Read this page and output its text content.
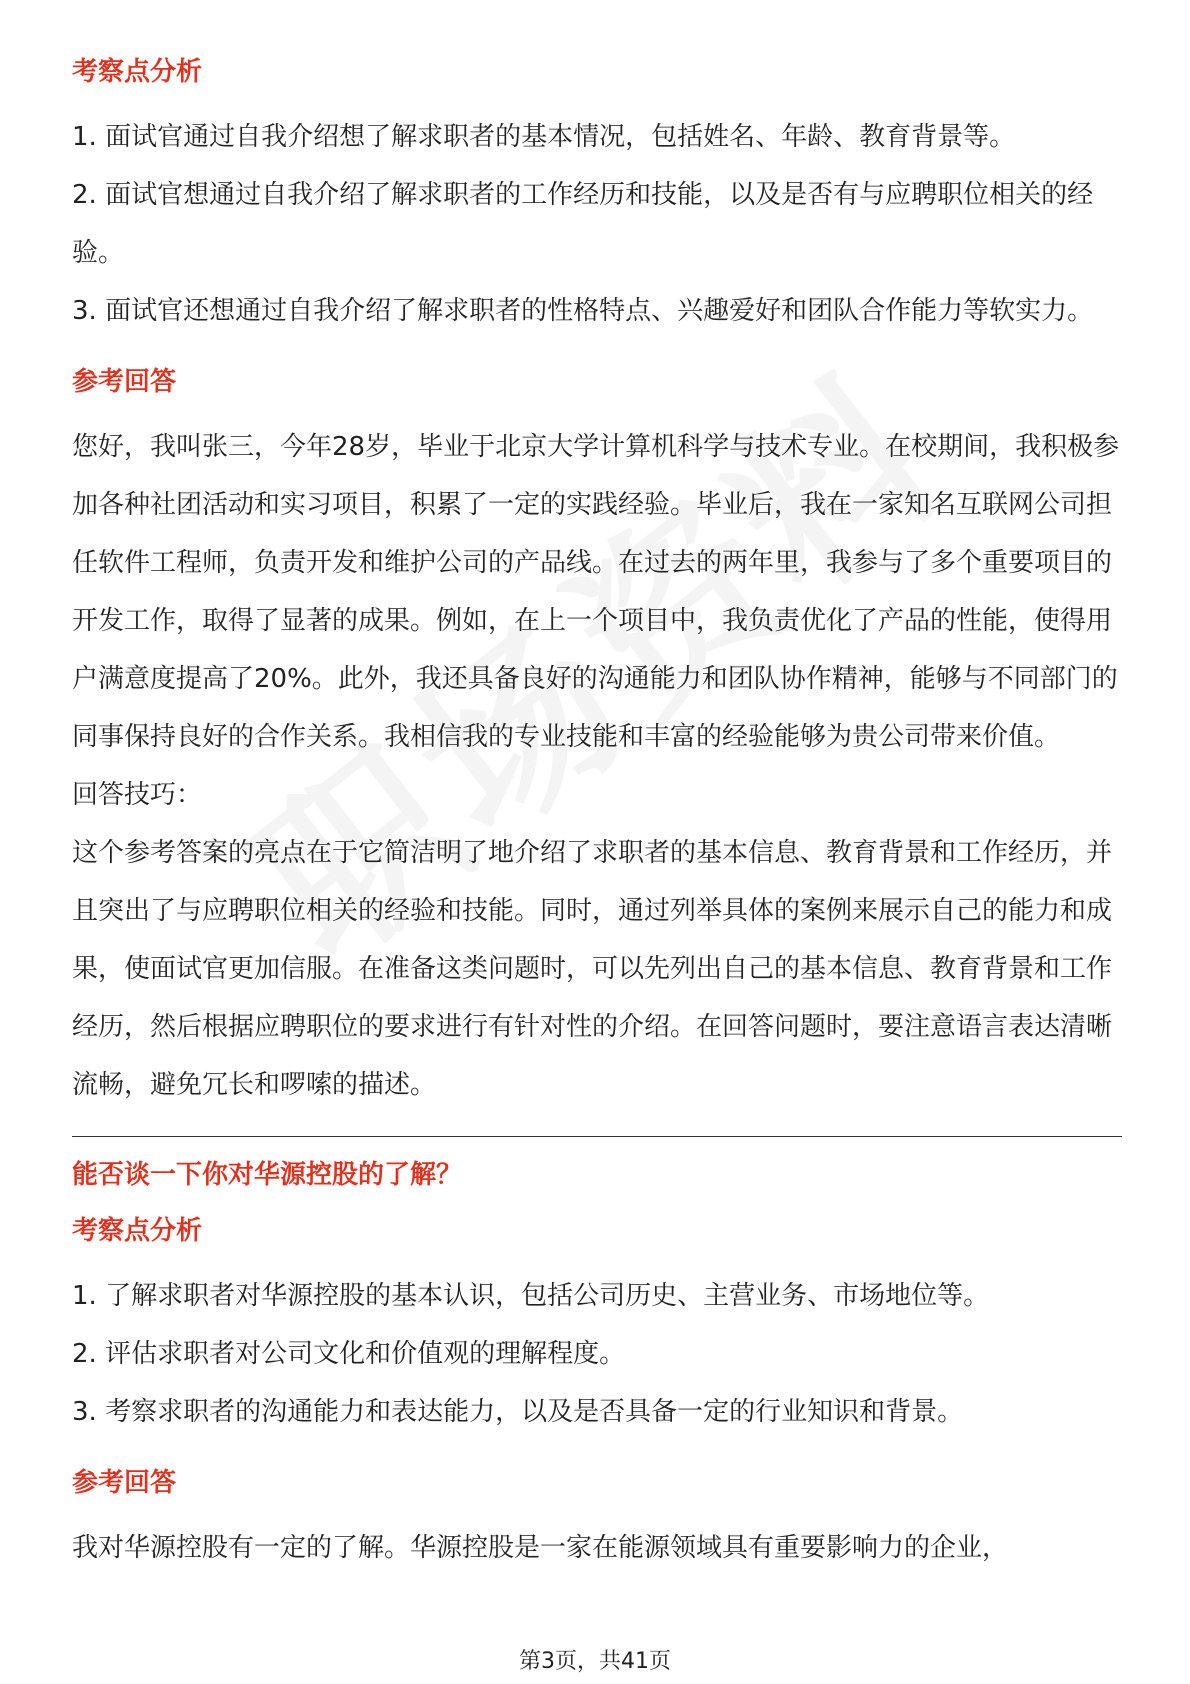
考察点分析

1. 面试官通过自我介绍想了解求职者的基本情况，包括姓名、年龄、教育背景等。

2. 面试官想通过自我介绍了解求职者的工作经历和技能，以及是否有与应聘职位相关的经验。

3. 面试官还想通过自我介绍了解求职者的性格特点、兴趣爱好和团队合作能力等软实力。

参考回答

您好，我叫张三，今年28岁，毕业于北京大学计算机科学与技术专业。在校期间，我积极参加各种社团活动和实习项目，积累了一定的实践经验。毕业后，我在一家知名互联网公司担任软件工程师，负责开发和维护公司的产品线。在过去的两年里，我参与了多个重要项目的开发工作，取得了显著的成果。例如，在上一个项目中，我负责优化了产品的性能，使得用户满意度提高了20%。此外，我还具备良好的沟通能力和团队协作精神，能够与不同部门的同事保持良好的合作关系。我相信我的专业技能和丰富的经验能够为贵公司带来价值。

回答技巧：

这个参考答案的亮点在于它简洁明了地介绍了求职者的基本信息、教育背景和工作经历，并且突出了与应聘职位相关的经验和技能。同时，通过列举具体的案例来展示自己的能力和成果，使面试官更加信服。在准备这类问题时，可以先列出自己的基本信息、教育背景和工作经历，然后根据应聘职位的要求进行有针对性的介绍。在回答问题时，要注意语言表达清晰流畅，避免冗长和啰嗦的描述。

能否谈一下你对华源控股的了解？
考察点分析

1. 了解求职者对华源控股的基本认识，包括公司历史、主营业务、市场地位等。

2. 评估求职者对公司文化和价值观的理解程度。

3. 考察求职者的沟通能力和表达能力，以及是否具备一定的行业知识和背景。

参考回答

我对华源控股有一定的了解。华源控股是一家在能源领域具有重要影响力的企业，

第3页，共41页
